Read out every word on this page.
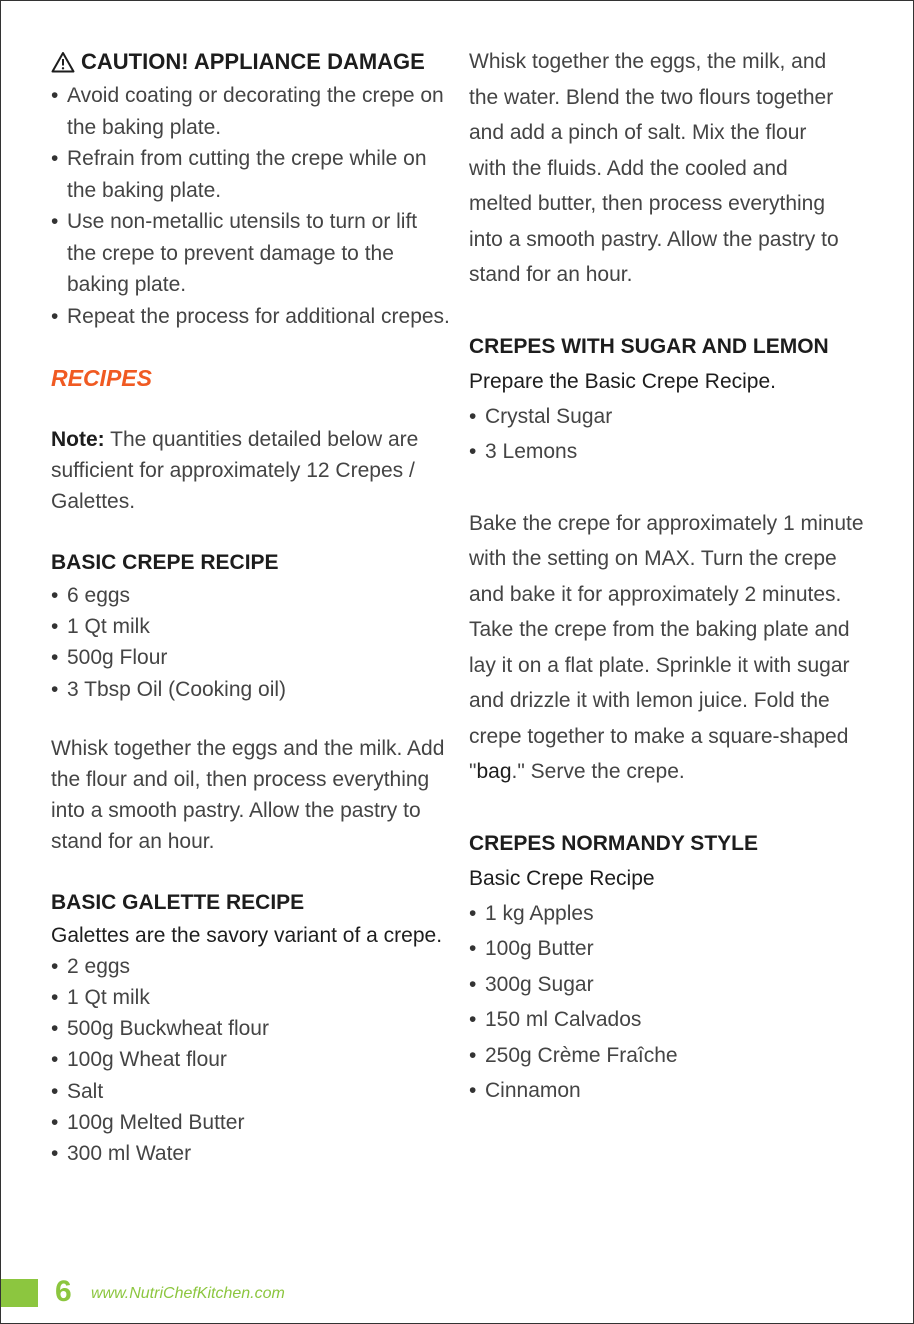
CAUTION! APPLIANCE DAMAGE
• Avoid coating or decorating the crepe on the baking plate.
• Refrain from cutting the crepe while on the baking plate.
• Use non-metallic utensils to turn or lift the crepe to prevent damage to the baking plate.
• Repeat the process for additional crepes.
RECIPES
Note: The quantities detailed below are sufficient for approximately 12 Crepes / Galettes.
BASIC CREPE RECIPE
• 6 eggs
• 1 Qt milk
• 500g Flour
• 3 Tbsp Oil (Cooking oil)
Whisk together the eggs and the milk. Add the flour and oil, then process everything into a smooth pastry. Allow the pastry to stand for an hour.
BASIC GALETTE RECIPE
Galettes are the savory variant of a crepe.
• 2 eggs
• 1 Qt milk
• 500g Buckwheat flour
• 100g Wheat flour
• Salt
• 100g Melted Butter
• 300 ml Water
Whisk together the eggs, the milk, and the water. Blend the two flours together and add a pinch of salt. Mix the flour with the fluids. Add the cooled and melted butter, then process everything into a smooth pastry. Allow the pastry to stand for an hour.
CREPES WITH SUGAR AND LEMON
Prepare the Basic Crepe Recipe.
• Crystal Sugar
• 3 Lemons
Bake the crepe for approximately 1 minute with the setting on MAX. Turn the crepe and bake it for approximately 2 minutes. Take the crepe from the baking plate and lay it on a flat plate. Sprinkle it with sugar and drizzle it with lemon juice. Fold the crepe together to make a square-shaped "bag." Serve the crepe.
CREPES NORMANDY STYLE
Basic Crepe Recipe
• 1 kg Apples
• 100g Butter
• 300g Sugar
• 150 ml Calvados
• 250g Crème Fraîche
• Cinnamon
6 www.NutriChefKitchen.com
